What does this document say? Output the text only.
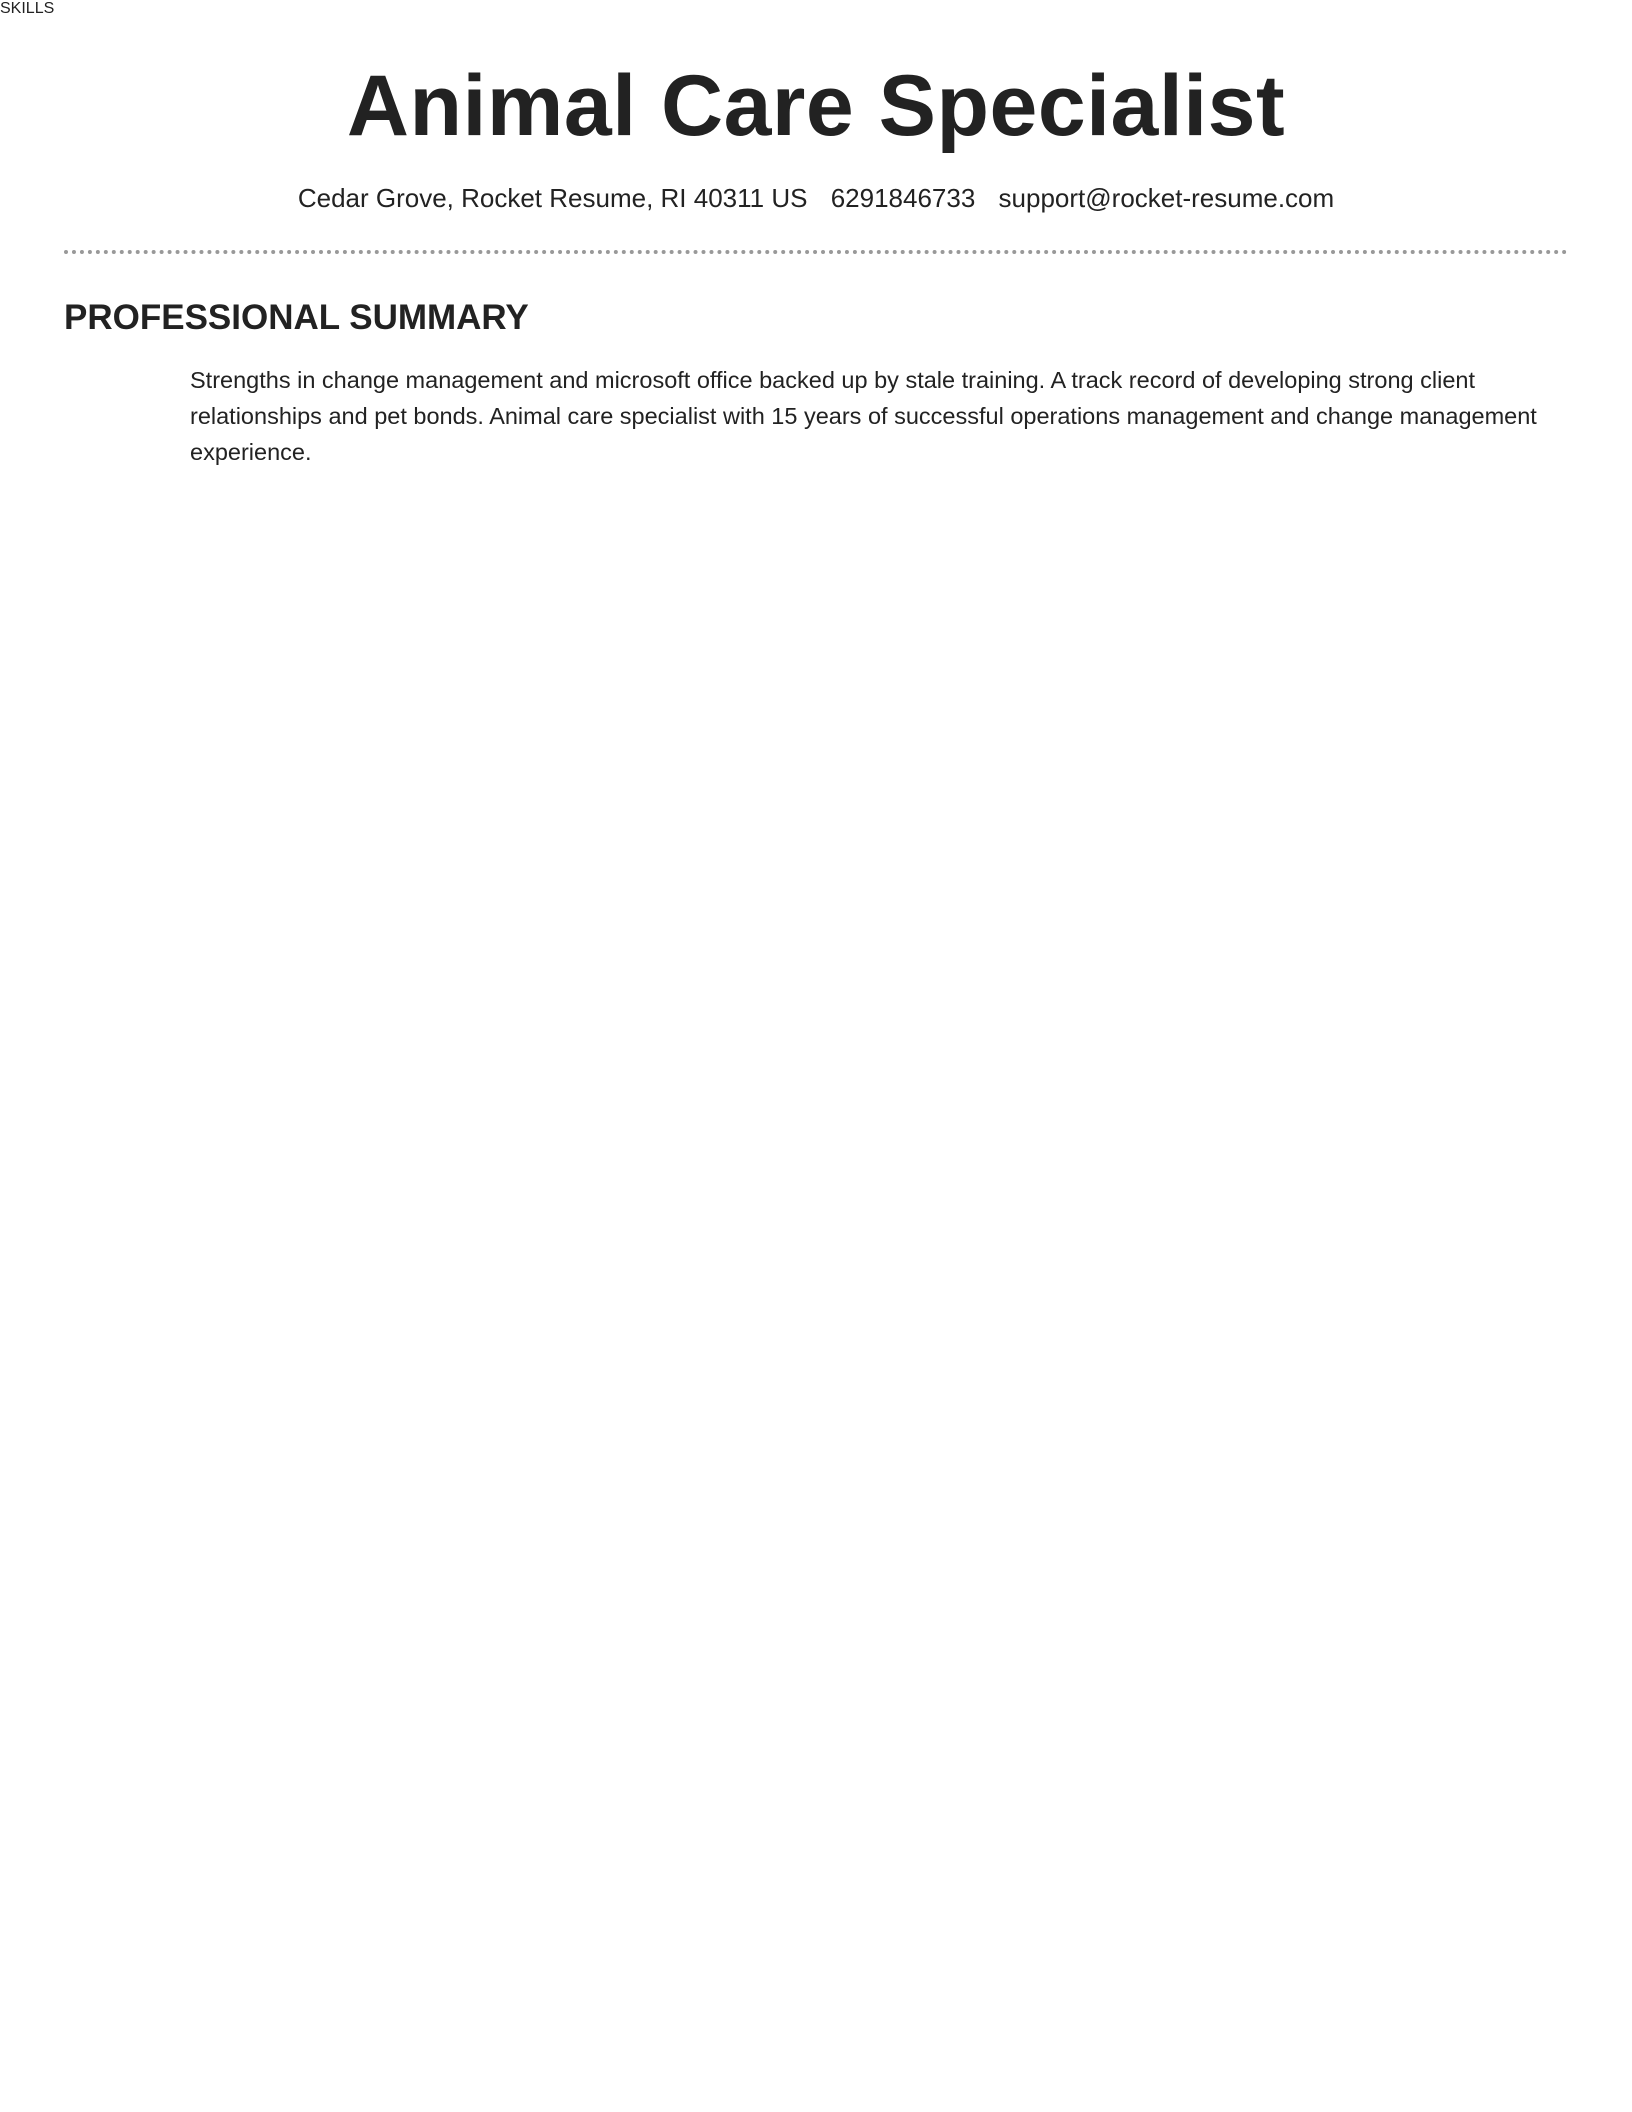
Animal Care Specialist
Cedar Grove, Rocket Resume, RI 40311 US 6291846733 support@rocket-resume.com
PROFESSIONAL SUMMARY

Strengths in change management and microsoft office backed up by stale training. A track record of developing strong client relationships and pet bonds. Animal care specialist with 15 years of successful operations management and change management experience.

SKILLS
